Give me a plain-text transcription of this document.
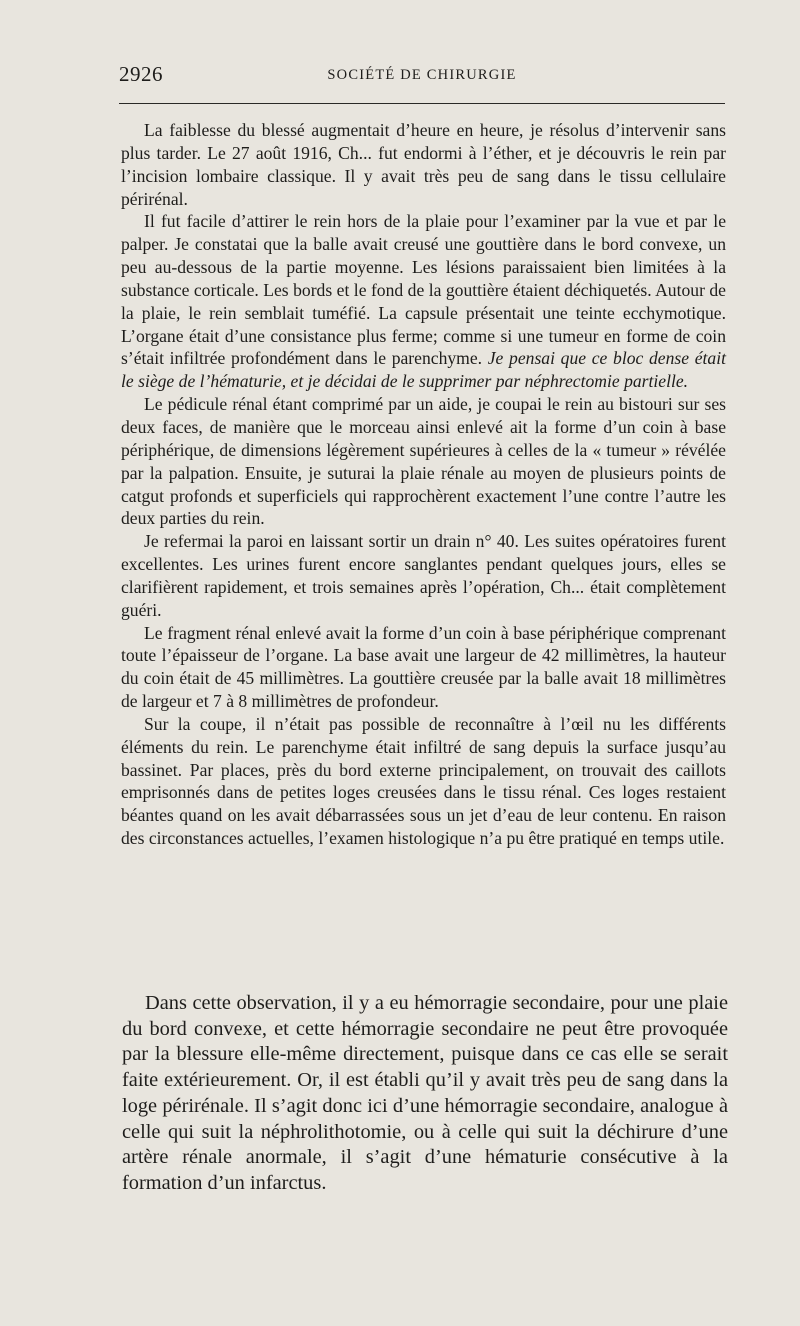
2926	SOCIÉTÉ DE CHIRURGIE

La faiblesse du blessé augmentait d’heure en heure, je résolus d’intervenir sans plus tarder. Le 27 août 1916, Ch... fut endormi à l’éther, et je découvris le rein par l’incision lombaire classique. Il y avait très peu de sang dans le tissu cellulaire périrénal.

Il fut facile d’attirer le rein hors de la plaie pour l’examiner par la vue et par le palper. Je constatai que la balle avait creusé une gouttière dans le bord convexe, un peu au-dessous de la partie moyenne. Les lésions paraissaient bien limitées à la substance corticale. Les bords et le fond de la gouttière étaient déchiquetés. Autour de la plaie, le rein semblait tuméfié. La capsule présentait une teinte ecchymotique. L’organe était d’une consistance plus ferme; comme si une tumeur en forme de coin s’était infiltrée profondément dans le parenchyme. Je pensai que ce bloc dense était le siège de l’hématurie, et je décidai de le supprimer par néphrectomie partielle.

Le pédicule rénal étant comprimé par un aide, je coupai le rein au bistouri sur ses deux faces, de manière que le morceau ainsi enlevé ait la forme d’un coin à base périphérique, de dimensions légèrement supérieures à celles de la « tumeur » révélée par la palpation. Ensuite, je suturai la plaie rénale au moyen de plusieurs points de catgut profonds et superficiels qui rapprochèrent exactement l’une contre l’autre les deux parties du rein.

Je refermai la paroi en laissant sortir un drain n° 40. Les suites opératoires furent excellentes. Les urines furent encore sanglantes pendant quelques jours, elles se clarifièrent rapidement, et trois semaines après l’opération, Ch... était complètement guéri.

Le fragment rénal enlevé avait la forme d’un coin à base périphérique comprenant toute l’épaisseur de l’organe. La base avait une largeur de 42 millimètres, la hauteur du coin était de 45 millimètres. La gouttière creusée par la balle avait 18 millimètres de largeur et 7 à 8 millimètres de profondeur.

Sur la coupe, il n’était pas possible de reconnaître à l’œil nu les différents éléments du rein. Le parenchyme était infiltré de sang depuis la surface jusqu’au bassinet. Par places, près du bord externe principalement, on trouvait des caillots emprisonnés dans de petites loges creusées dans le tissu rénal. Ces loges restaient béantes quand on les avait débarrassées sous un jet d’eau de leur contenu. En raison des circonstances actuelles, l’examen histologique n’a pu être pratiqué en temps utile.

Dans cette observation, il y a eu hémorragie secondaire, pour une plaie du bord convexe, et cette hémorragie secondaire ne peut être provoquée par la blessure elle-même directement, puisque dans ce cas elle se serait faite extérieurement. Or, il est établi qu’il y avait très peu de sang dans la loge périrénale. Il s’agit donc ici d’une hémorragie secondaire, analogue à celle qui suit la néphrolithotomie, ou à celle qui suit la déchirure d’une artère rénale anormale, il s’agit d’une hématurie consécutive à la formation d’un infarctus.
